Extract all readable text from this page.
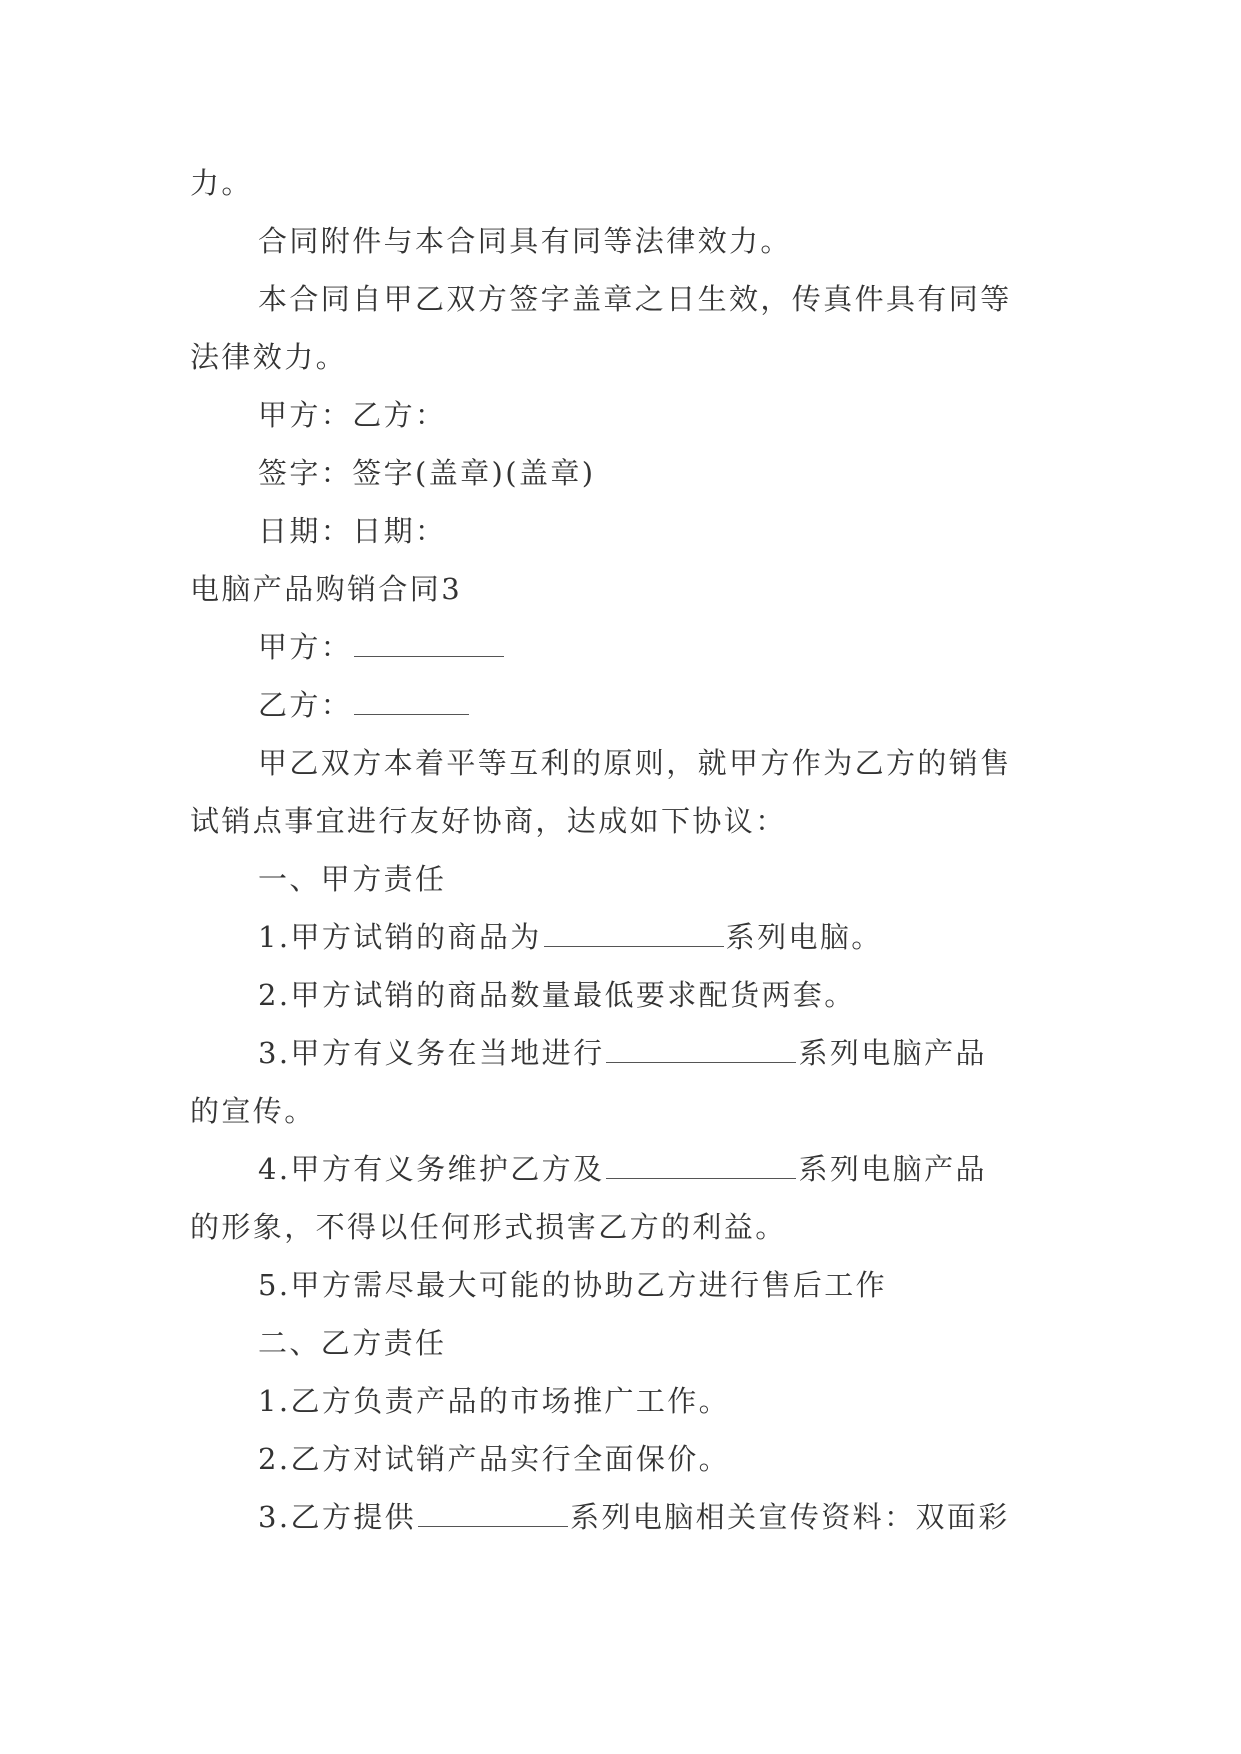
力。
合同附件与本合同具有同等法律效力。
本合同自甲乙双方签字盖章之日生效，传真件具有同等
法律效力。
甲方：乙方：
签字：签字(盖章)(盖章)
日期：日期：
电脑产品购销合同3
甲方：
乙方：
甲乙双方本着平等互利的原则，就甲方作为乙方的销售
试销点事宜进行友好协商，达成如下协议：
一、甲方责任
1.甲方试销的商品为	系列电脑。
2.甲方试销的商品数量最低要求配货两套。
3.甲方有义务在当地进行	系列电脑产品
的宣传。
4.甲方有义务维护乙方及	系列电脑产品
的形象，不得以任何形式损害乙方的利益。
5.甲方需尽最大可能的协助乙方进行售后工作
二、乙方责任
1.乙方负责产品的市场推广工作。
2.乙方对试销产品实行全面保价。
3.乙方提供	系列电脑相关宣传资料：双面彩
